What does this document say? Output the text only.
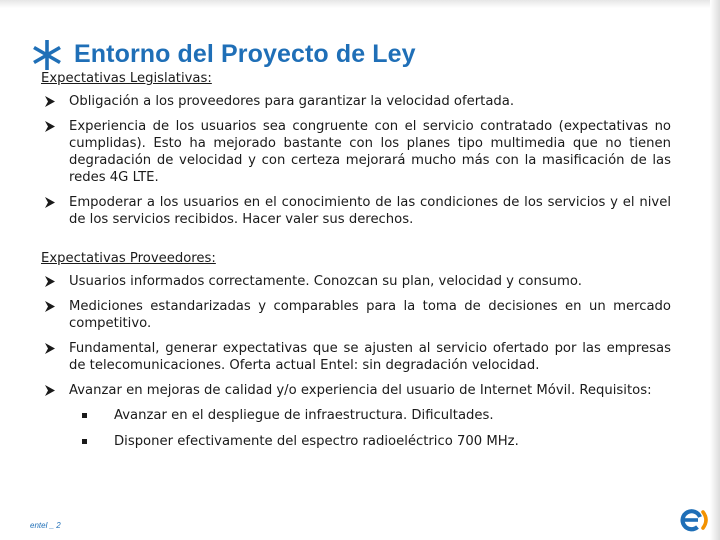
Entorno del Proyecto de Ley
Expectativas Legislativas:
Obligación a los proveedores para garantizar la velocidad ofertada.
Experiencia de los usuarios sea congruente con el servicio contratado (expectativas no cumplidas). Esto ha mejorado bastante con los planes tipo multimedia que no tienen degradación de velocidad y con certeza mejorará mucho más con la masificación de las redes 4G LTE.
Empoderar a los usuarios en el conocimiento de las condiciones de los servicios y el nivel de los servicios recibidos. Hacer valer sus derechos.
Expectativas Proveedores:
Usuarios informados correctamente. Conozcan su plan, velocidad y consumo.
Mediciones estandarizadas y comparables para la toma de decisiones en un mercado competitivo.
Fundamental, generar expectativas que se ajusten al servicio ofertado por las empresas de telecomunicaciones. Oferta actual Entel: sin degradación velocidad.
Avanzar en mejoras de calidad y/o experiencia del usuario de Internet Móvil. Requisitos:
Avanzar en el despliegue de infraestructura. Dificultades.
Disponer efectivamente del espectro radioeléctrico 700 MHz.
entel _ 2
